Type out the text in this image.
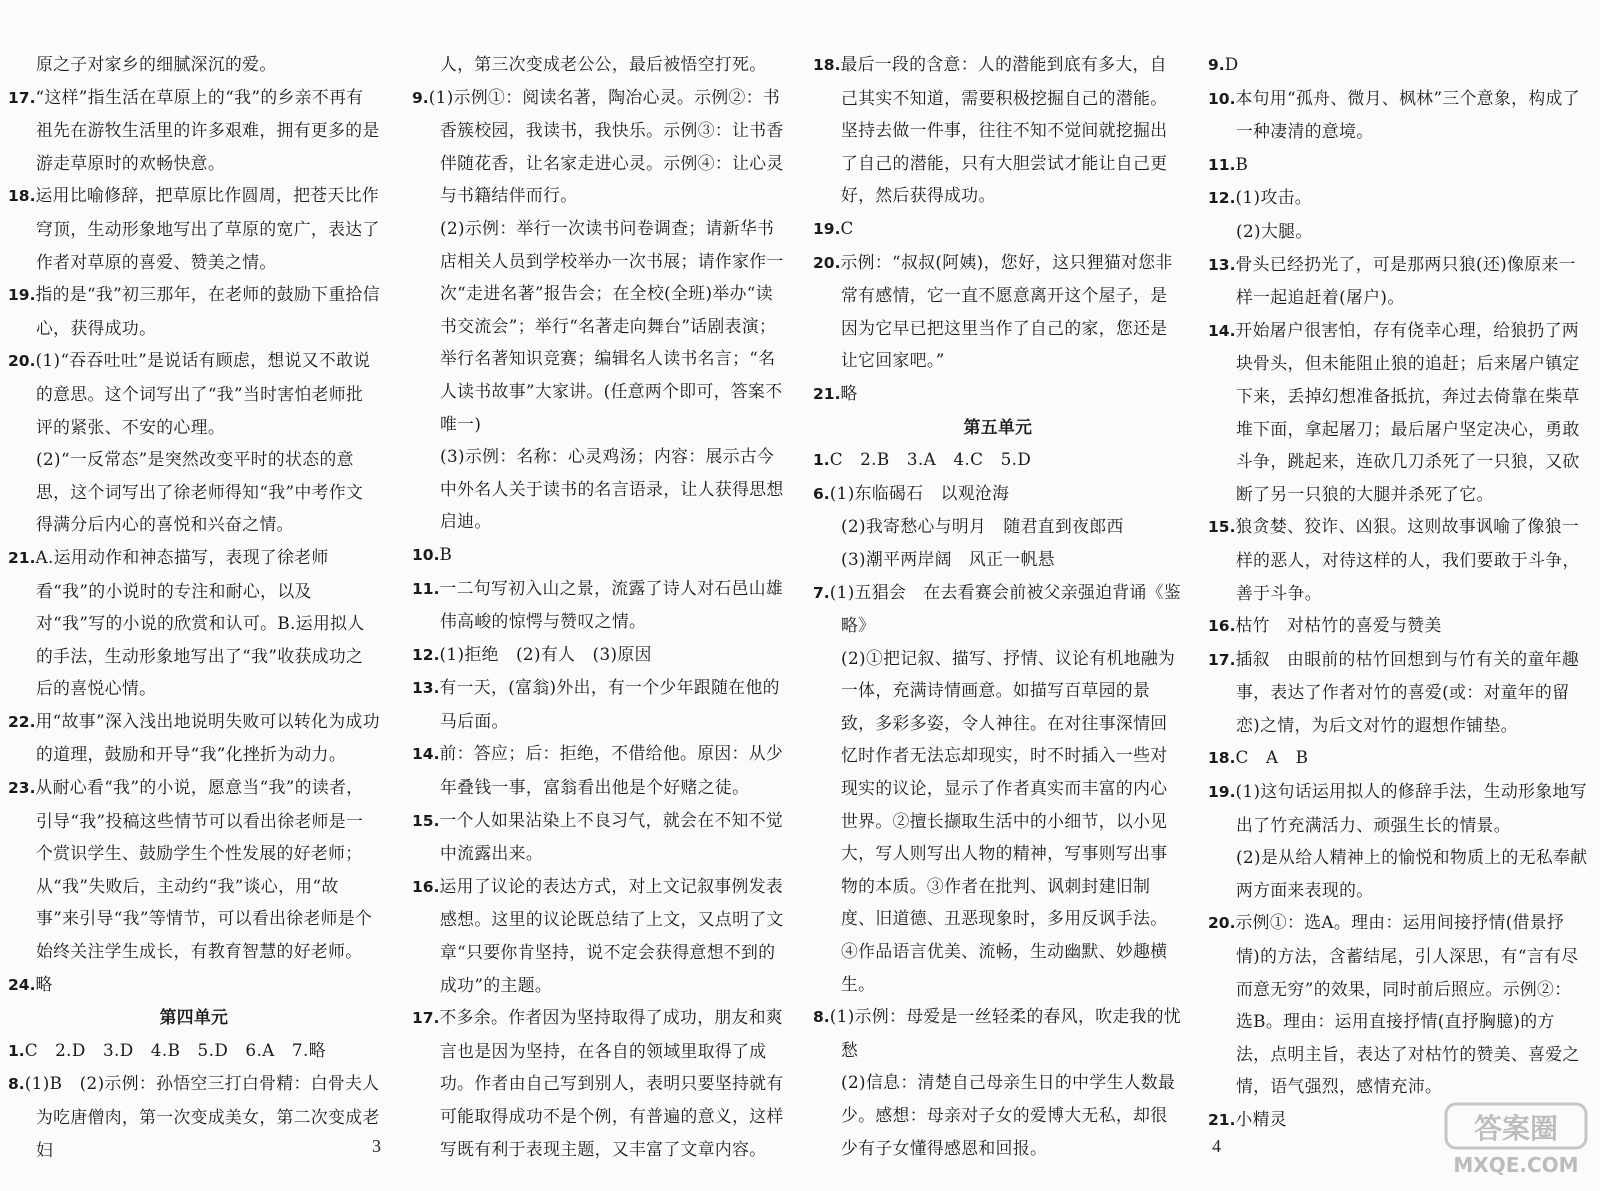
原之子对家乡的细腻深沉的爱。

17.“这样”指生活在草原上的“我”的乡亲不再有祖先在游牧生活里的许多艰难，拥有更多的是游走草原时的欢畅快意。

18.运用比喻修辞，把草原比作圆周，把苍天比作穹顶，生动形象地写出了草原的宽广，表达了作者对草原的喜爱、赞美之情。

19.指的是“我”初三那年，在老师的鼓励下重拾信心，获得成功。

20.(1)“吞吞吐吐”是说话有顾虑，想说又不敢说的意思。这个词写出了“我”当时害怕老师批评的紧张、不安的心理。

(2)“一反常态”是突然改变平时的状态的意思，这个词写出了徐老师得知“我”中考作文得满分后内心的喜悦和兴奋之情。

21.A.运用动作和神态描写，表现了徐老师看“我”的小说时的专注和耐心，以及对“我”写的小说的欣赏和认可。B.运用拟人的手法，生动形象地写出了“我”收获成功之后的喜悦心情。

22.用“故事”深入浅出地说明失败可以转化为成功的道理，鼓励和开导“我”化挫折为动力。

23.从耐心看“我”的小说，愿意当“我”的读者，引导“我”投稿这些情节可以看出徐老师是一个赏识学生、鼓励学生个性发展的好老师；从“我”失败后，主动约“我”谈心，用“故事”来引导“我”等情节，可以看出徐老师是个始终关注学生成长，有教育智慧的好老师。

24.略

第四单元

1.C　2.D　3.D　4.B　5.D　6.A　7.略

8.(1)B　(2)示例：孙悟空三打白骨精：白骨夫人为吃唐僧肉，第一次变成美女，第二次变成老妇

人，第三次变成老公公，最后被悟空打死。

9.(1)示例①：阅读名著，陶冶心灵。示例②：书香簇校园，我读书，我快乐。示例③：让书香伴随花香，让名家走进心灵。示例④：让心灵与书籍结伴而行。

(2)示例：举行一次读书问卷调查；请新华书店相关人员到学校举办一次书展；请作家作一次“走进名著”报告会；在全校(全班)举办“读书交流会”；举行“名著走向舞台”话剧表演；举行名著知识竞赛；编辑名人读书名言；“名人读书故事”大家讲。(任意两个即可，答案不唯一)

(3)示例：名称：心灵鸡汤；内容：展示古今中外名人关于读书的名言语录，让人获得思想启迪。

10.B

11.一二句写初入山之景，流露了诗人对石邑山雄伟高峻的惊愕与赞叹之情。

12.(1)拒绝　(2)有人　(3)原因

13.有一天，(富翁)外出，有一个少年跟随在他的马后面。

14.前：答应；后：拒绝，不借给他。原因：从少年叠钱一事，富翁看出他是个好赌之徒。

15.一个人如果沾染上不良习气，就会在不知不觉中流露出来。

16.运用了议论的表达方式，对上文记叙事例发表感想。这里的议论既总结了上文，又点明了文章“只要你肯坚持，说不定会获得意想不到的成功”的主题。

17.不多余。作者因为坚持取得了成功，朋友和爽言也是因为坚持，在各自的领域里取得了成功。作者由自己写到别人，表明只要坚持就有可能取得成功不是个例，有普遍的意义，这样写既有利于表现主题，又丰富了文章内容。

18.最后一段的含意：人的潜能到底有多大，自己其实不知道，需要积极挖掘自己的潜能。坚持去做一件事，往往不知不觉间就挖掘出了自己的潜能，只有大胆尝试才能让自己更好，然后获得成功。

19.C

20.示例：“叔叔(阿姨)，您好，这只狸猫对您非常有感情，它一直不愿意离开这个屋子，是因为它早已把这里当作了自己的家，您还是让它回家吧。”

21.略

第五单元

1.C　2.B　3.A　4.C　5.D

6.(1)东临碣石　以观沧海

(2)我寄愁心与明月　随君直到夜郎西

(3)潮平两岸阔　风正一帆悬

7.(1)五猖会　在去看赛会前被父亲强迫背诵《鉴略》

(2)①把记叙、描写、抒情、议论有机地融为一体，充满诗情画意。如描写百草园的景致，多彩多姿，令人神往。在对往事深情回忆时作者无法忘却现实，时不时插入一些对现实的议论，显示了作者真实而丰富的内心世界。②擅长撷取生活中的小细节，以小见大，写人则写出人物的精神，写事则写出事物的本质。③作者在批判、讽刺封建旧制度、旧道德、丑恶现象时，多用反讽手法。④作品语言优美、流畅，生动幽默、妙趣横生。

8.(1)示例：母爱是一丝轻柔的春风，吹走我的忧愁

(2)信息：清楚自己母亲生日的中学生人数最少。感想：母亲对子女的爱博大无私，却很少有子女懂得感恩和回报。

9.D

10.本句用“孤舟、微月、枫林”三个意象，构成了一种凄清的意境。

11.B

12.(1)攻击。

(2)大腿。

13.骨头已经扔光了，可是那两只狼(还)像原来一样一起追赶着(屠户)。

14.开始屠户很害怕，存有侥幸心理，给狼扔了两块骨头，但未能阻止狼的追赶；后来屠户镇定下来，丢掉幻想准备抵抗，奔过去倚靠在柴草堆下面，拿起屠刀；最后屠户坚定决心，勇敢斗争，跳起来，连砍几刀杀死了一只狼，又砍断了另一只狼的大腿并杀死了它。

15.狼贪婪、狡诈、凶狠。这则故事讽喻了像狼一样的恶人，对待这样的人，我们要敢于斗争，善于斗争。

16.枯竹　对枯竹的喜爱与赞美

17.插叙　由眼前的枯竹回想到与竹有关的童年趣事，表达了作者对竹的喜爱(或：对童年的留恋)之情，为后文对竹的遐想作铺垫。

18.C　A　B

19.(1)这句话运用拟人的修辞手法，生动形象地写出了竹充满活力、顽强生长的情景。

(2)是从给人精神上的愉悦和物质上的无私奉献两方面来表现的。

20.示例①：选A。理由：运用间接抒情(借景抒情)的方法，含蓄结尾，引人深思，有“言有尽而意无穷”的效果，同时前后照应。示例②：选B。理由：运用直接抒情(直抒胸臆)的方法，点明主旨，表达了对枯竹的赞美、喜爱之情，语气强烈，感情充沛。

21.小精灵

3	4
答案圈
MXQE.COM
